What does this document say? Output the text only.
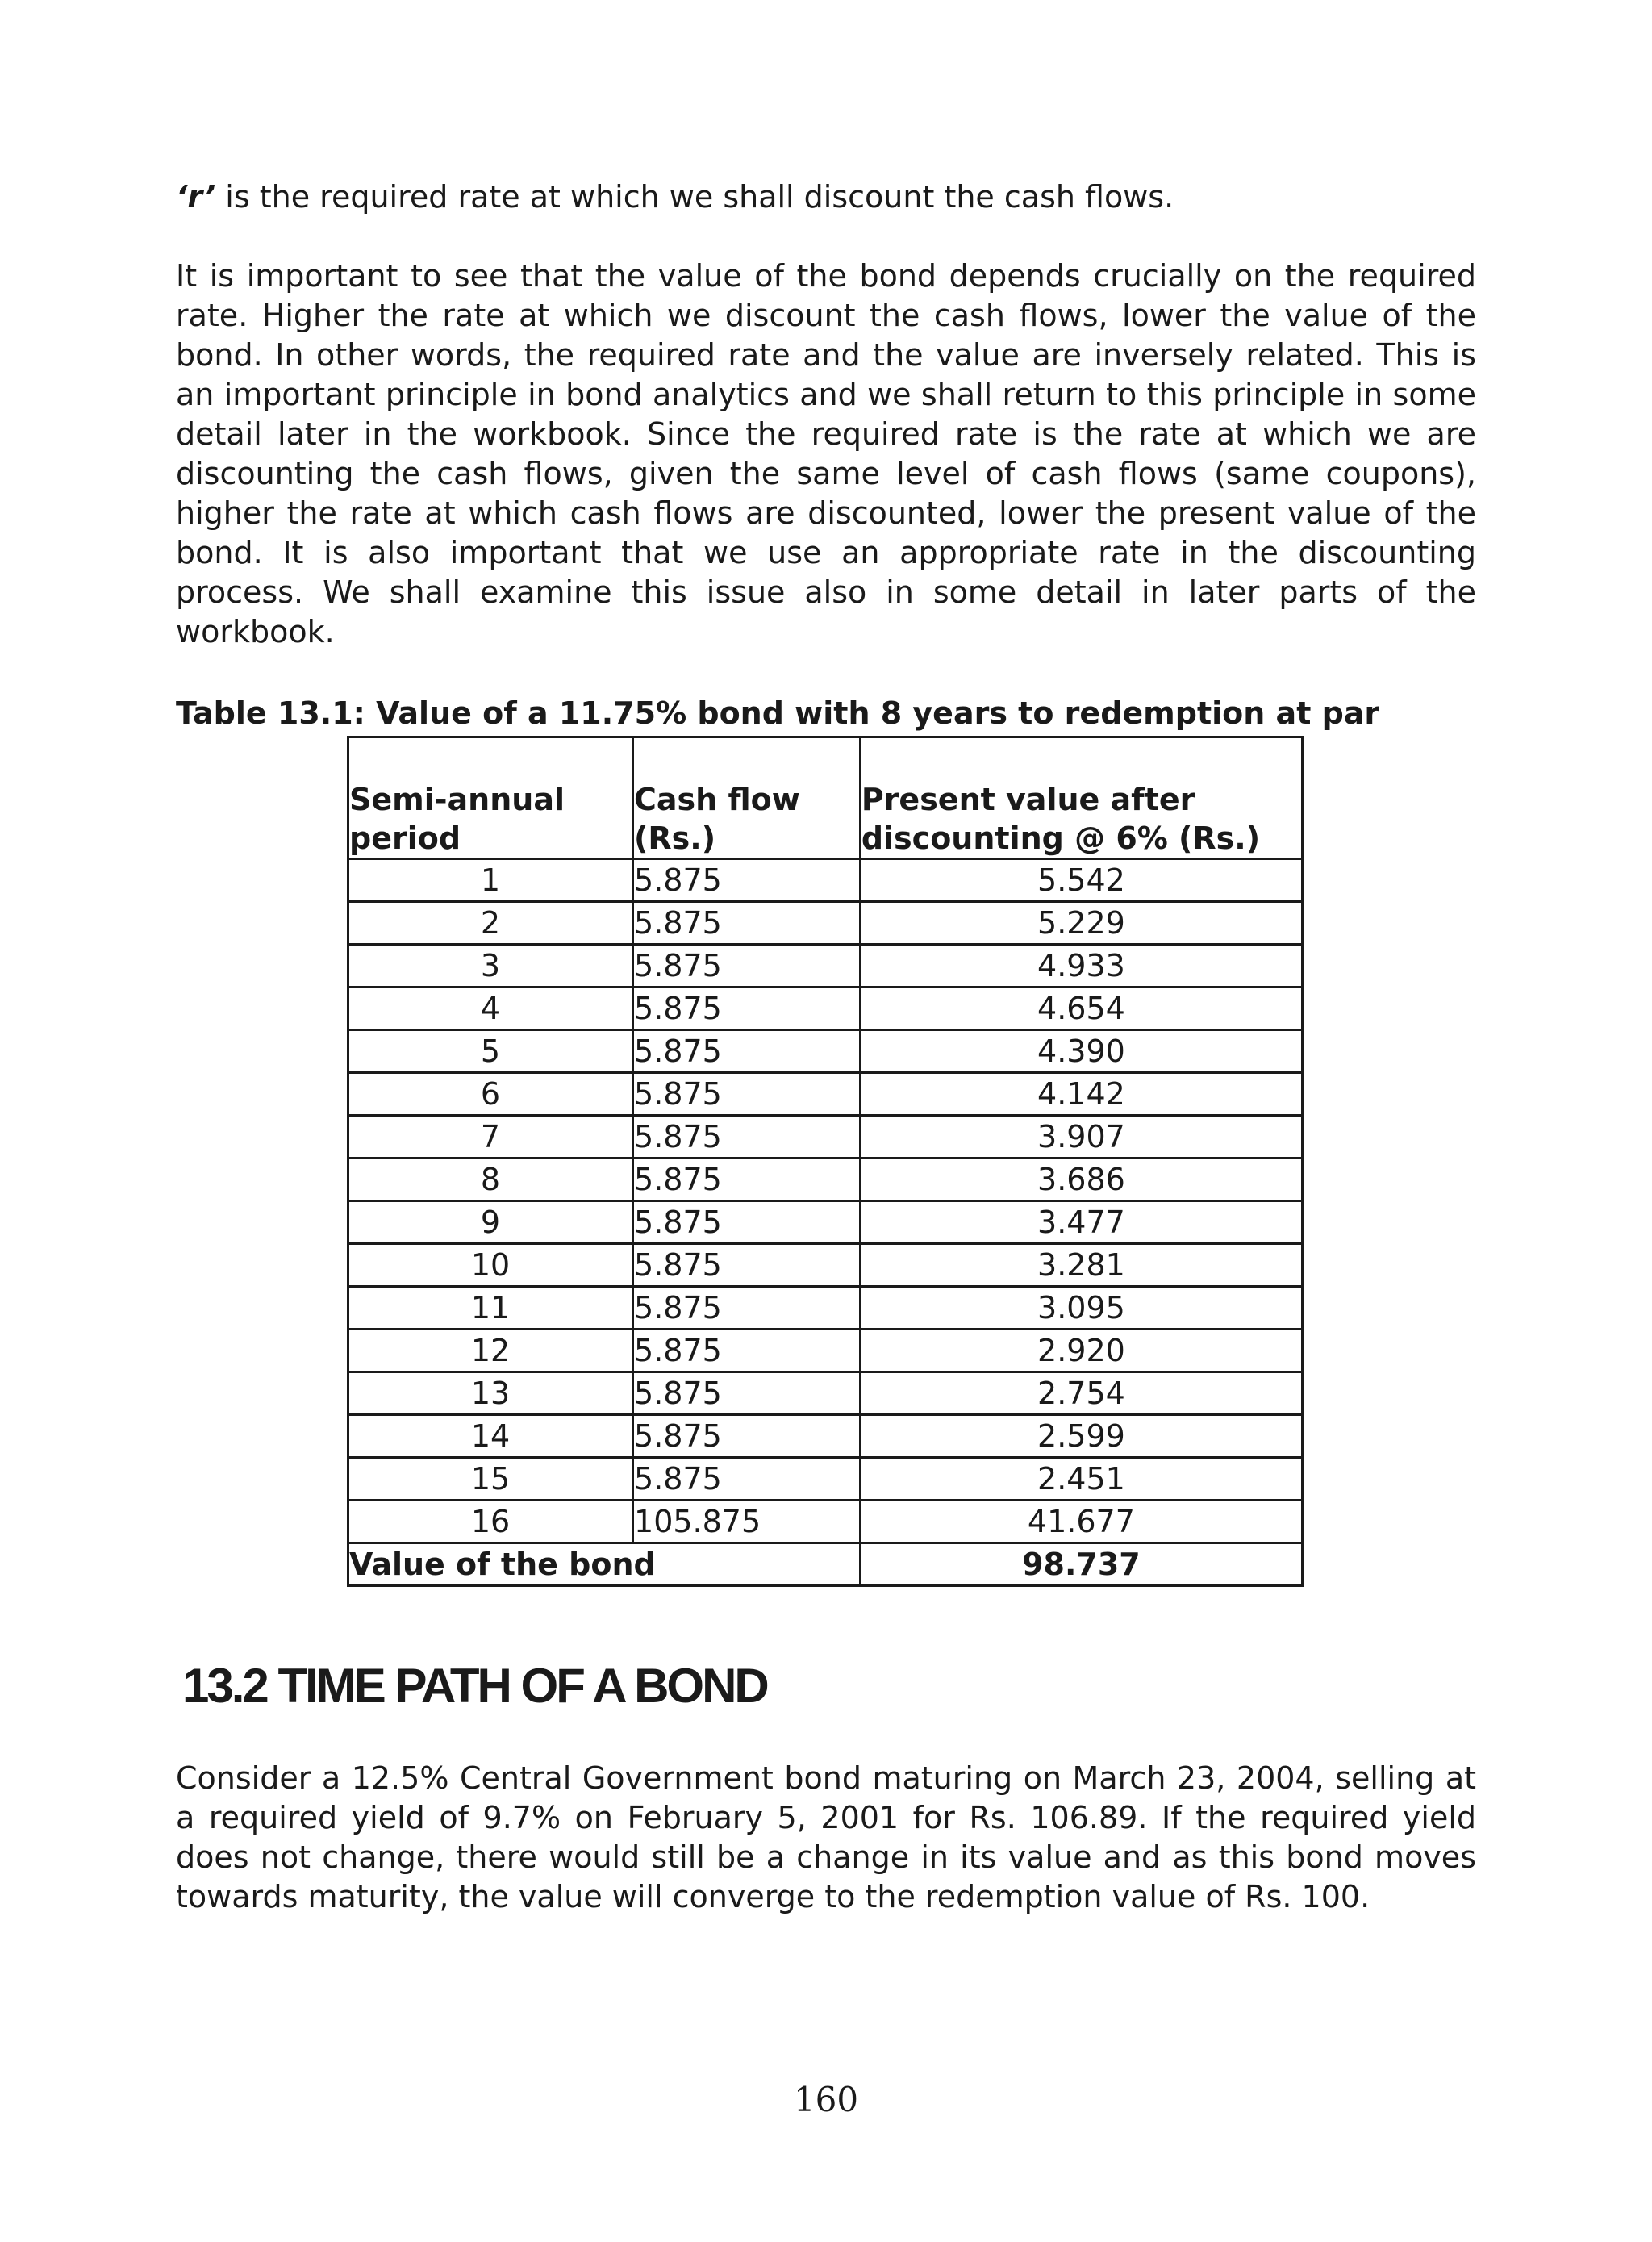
‘r’ is the required rate at which we shall discount the cash flows.

It is important to see that the value of the bond depends crucially on the required rate. Higher the rate at which we discount the cash flows, lower the value of the bond. In other words, the required rate and the value are inversely related. This is an important principle in bond analytics and we shall return to this principle in some detail later in the workbook. Since the required rate is the rate at which we are discounting the cash flows, given the same level of cash flows (same coupons), higher the rate at which cash flows are discounted, lower the present value of the bond. It is also important that we use an appropriate rate in the discounting process. We shall examine this issue also in some detail in later parts of the workbook.

Table 13.1: Value of a 11.75% bond with 8 years to redemption at par

Semi-annual period	Cash flow (Rs.)	Present value after discounting @ 6% (Rs.)
1	5.875	5.542
2	5.875	5.229
3	5.875	4.933
4	5.875	4.654
5	5.875	4.390
6	5.875	4.142
7	5.875	3.907
8	5.875	3.686
9	5.875	3.477
10	5.875	3.281
11	5.875	3.095
12	5.875	2.920
13	5.875	2.754
14	5.875	2.599
15	5.875	2.451
16	105.875	41.677
Value of the bond		98.737
13.2 TIME PATH OF A BOND

Consider a 12.5% Central Government bond maturing on March 23, 2004, selling at a required yield of 9.7% on February 5, 2001 for Rs. 106.89. If the required yield does not change, there would still be a change in its value and as this bond moves towards maturity, the value will converge to the redemption value of Rs. 100.

160
